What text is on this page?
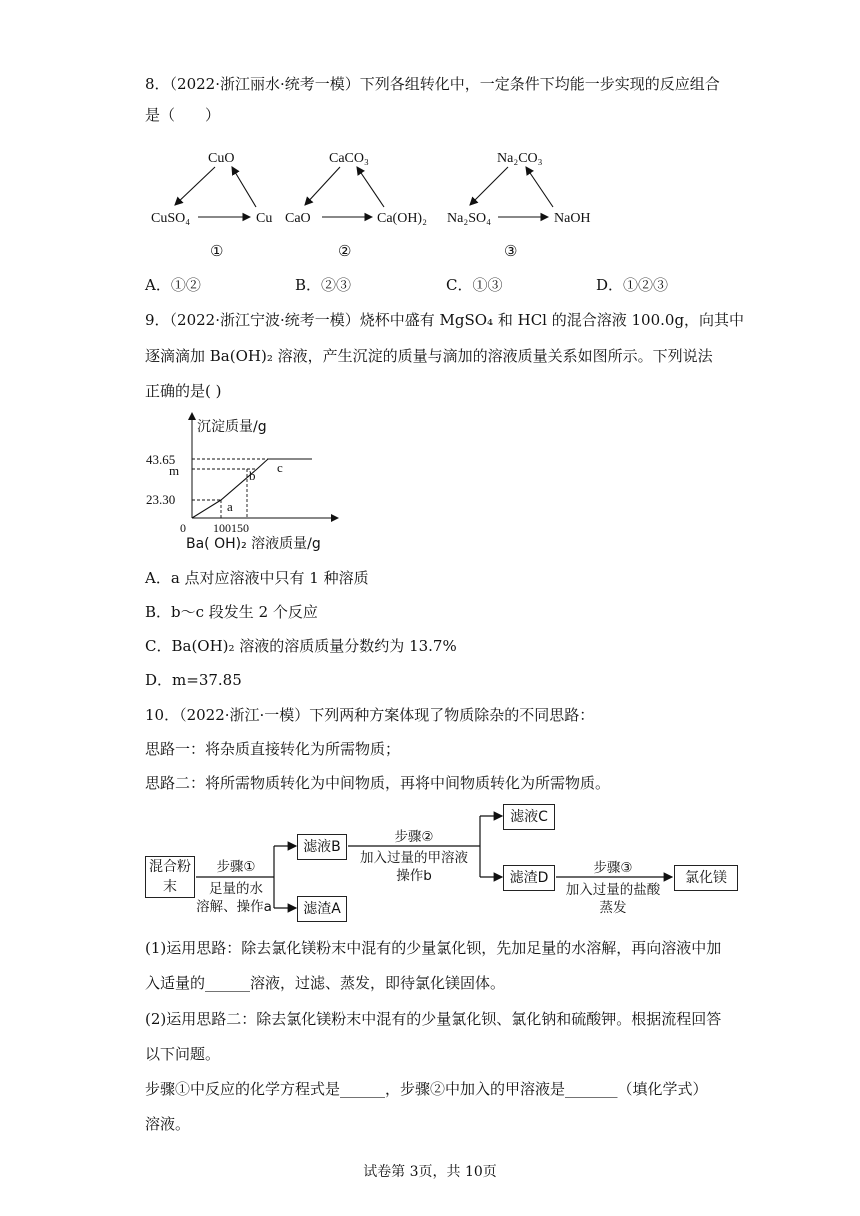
8．（2022·浙江丽水·统考一模）下列各组转化中，一定条件下均能一步实现的反应组合
是（　　）
CuO
CuSO₄	Cu
①
CaCO₃
CaO	Ca(OH)₂
②
Na₂CO₃
Na₂SO₄	NaOH
③
A．①②	B．②③	C．①③	D．①②③
9．（2022·浙江宁波·统考一模）烧杯中盛有 MgSO₄ 和 HCl 的混合溶液 100.0g，向其中
逐滴滴加 Ba(OH)₂ 溶液，产生沉淀的质量与滴加的溶液质量关系如图所示。下列说法
正确的是( )
沉淀质量/g
Ba( OH)₂ 溶液质量/g
43.65
m
23.30
0 100150
a
b
c
A．a 点对应溶液中只有 1 种溶质
B．b～c 段发生 2 个反应
C．Ba(OH)₂ 溶液的溶质质量分数约为 13.7%
D．m=37.85
10．（2022·浙江·一模）下列两种方案体现了物质除杂的不同思路：
思路一：将杂质直接转化为所需物质；
思路二：将所需物质转化为中间物质，再将中间物质转化为所需物质。
混合粉末
滤液B
滤渣A
滤液C
滤渣D	氯化镁
步骤①
足量的水
溶解、操作a
步骤②
加入过量的甲溶液
操作b	步骤③
加入过量的盐酸
蒸发
(1)运用思路：除去氯化镁粉末中混有的少量氯化钡，先加足量的水溶解，再向溶液中加
入适量的______溶液，过滤、蒸发，即待氯化镁固体。
(2)运用思路二：除去氯化镁粉末中混有的少量氯化钡、氯化钠和硫酸钾。根据流程回答
以下问题。
步骤①中反应的化学方程式是______，步骤②中加入的甲溶液是_______（填化学式）
溶液。
试卷第 3页，共 10页
